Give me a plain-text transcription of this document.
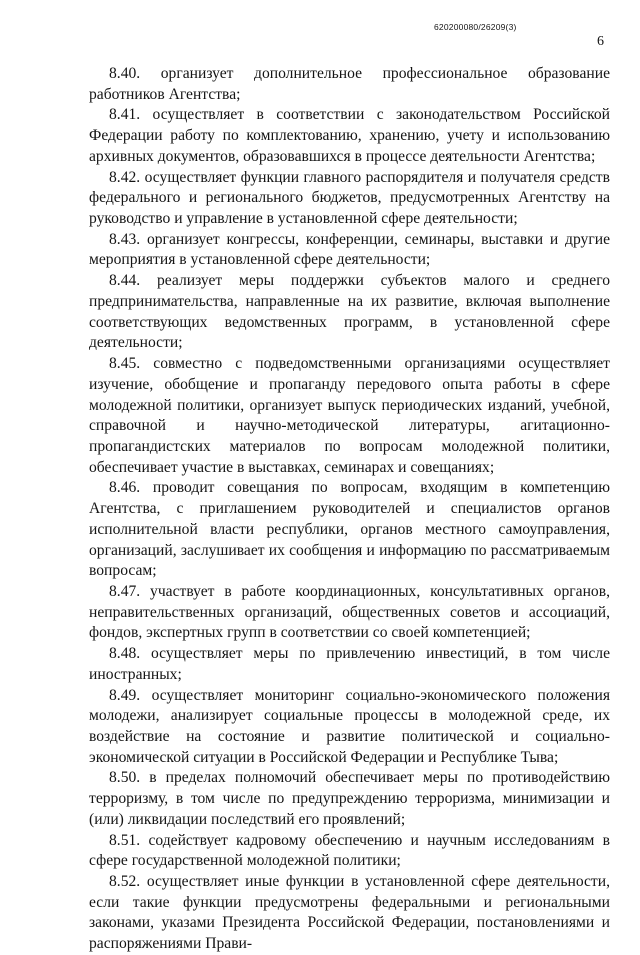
620200080/26209(3)
6

8.40. организует дополнительное профессиональное образование работников Агентства;

8.41. осуществляет в соответствии с законодательством Российской Федерации работу по комплектованию, хранению, учету и использованию архивных документов, образовавшихся в процессе деятельности Агентства;

8.42. осуществляет функции главного распорядителя и получателя средств федерального и регионального бюджетов, предусмотренных Агентству на руководство и управление в установленной сфере деятельности;

8.43. организует конгрессы, конференции, семинары, выставки и другие мероприятия в установленной сфере деятельности;

8.44. реализует меры поддержки субъектов малого и среднего предпринимательства, направленные на их развитие, включая выполнение соответствующих ведомственных программ, в установленной сфере деятельности;

8.45. совместно с подведомственными организациями осуществляет изучение, обобщение и пропаганду передового опыта работы в сфере молодежной политики, организует выпуск периодических изданий, учебной, справочной и научно-методической литературы, агитационно-пропагандистских материалов по вопросам молодежной политики, обеспечивает участие в выставках, семинарах и совещаниях;

8.46. проводит совещания по вопросам, входящим в компетенцию Агентства, с приглашением руководителей и специалистов органов исполнительной власти республики, органов местного самоуправления, организаций, заслушивает их сообщения и информацию по рассматриваемым вопросам;

8.47. участвует в работе координационных, консультативных органов, неправительственных организаций, общественных советов и ассоциаций, фондов, экспертных групп в соответствии со своей компетенцией;

8.48. осуществляет меры по привлечению инвестиций, в том числе иностранных;

8.49. осуществляет мониторинг социально-экономического положения молодежи, анализирует социальные процессы в молодежной среде, их воздействие на состояние и развитие политической и социально-экономической ситуации в Российской Федерации и Республике Тыва;

8.50. в пределах полномочий обеспечивает меры по противодействию терроризму, в том числе по предупреждению терроризма, минимизации и (или) ликвидации последствий его проявлений;

8.51. содействует кадровому обеспечению и научным исследованиям в сфере государственной молодежной политики;

8.52. осуществляет иные функции в установленной сфере деятельности, если такие функции предусмотрены федеральными и региональными законами, указами Президента Российской Федерации, постановлениями и распоряжениями Прави-
